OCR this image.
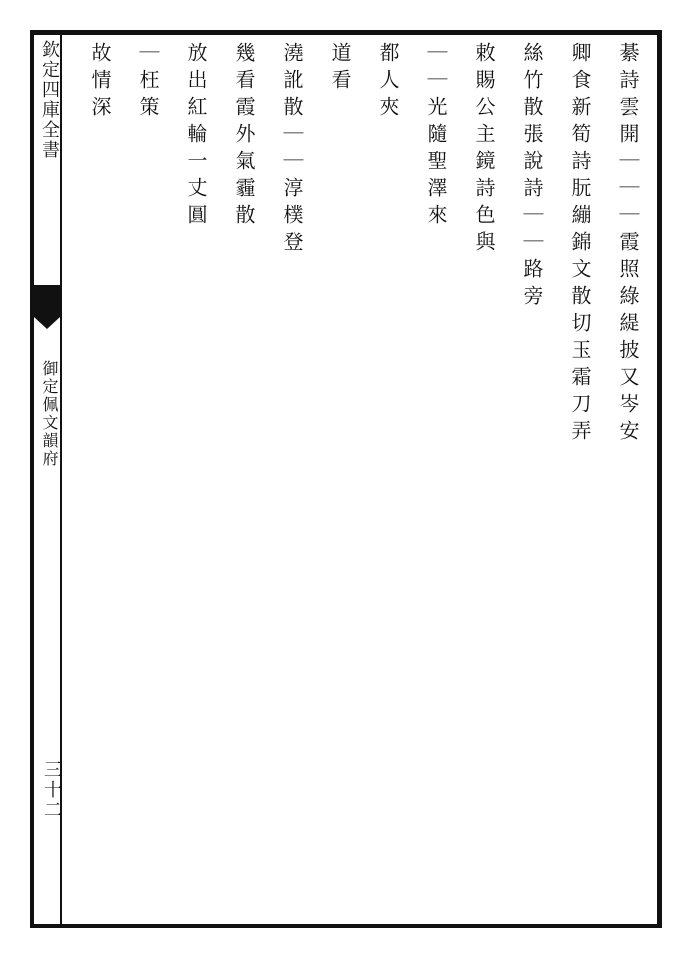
欽定四庫全書
御定佩文韻府
三十二
綦詩雲開｜｜｜霞照綠緹披又岑安
卿食新筍詩朊繃錦文散切玉霜刀弄
絲竹散張說詩｜｜路旁
敕賜公主鏡詩色與
｜｜光隨聖澤來
都人夾
道看
澆訛散｜｜淳樸登
幾看霞外氣霾散
放出紅輪一丈圓
｜枉策
故情深
